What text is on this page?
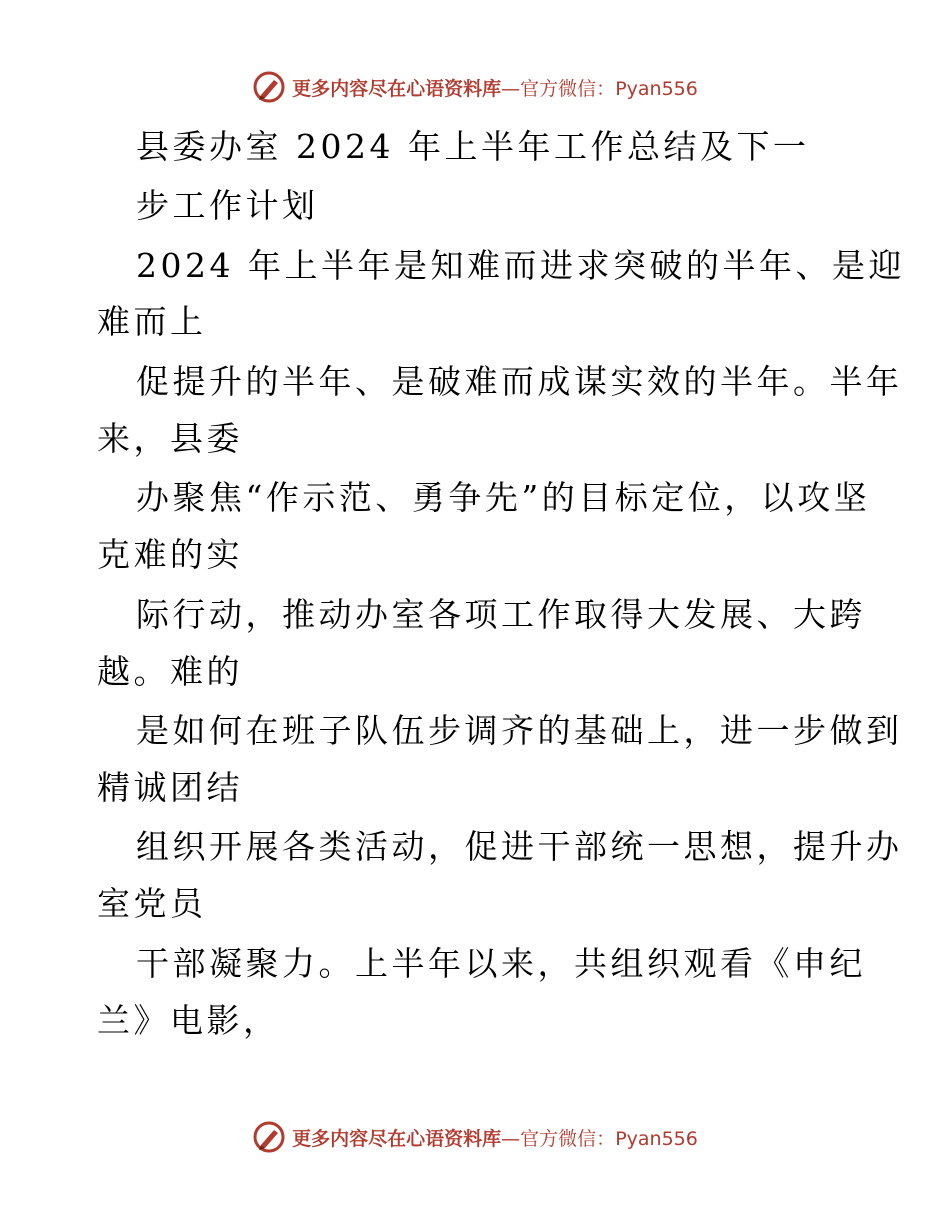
更多内容尽在心语资料库—官方微信：Pyan556
县委办室 2024 年上半年工作总结及下一
步工作计划
2024 年上半年是知难而进求突破的半年、是迎
难而上
促提升的半年、是破难而成谋实效的半年。半年
来，县委
办聚焦“作示范、勇争先”的目标定位，以攻坚
克难的实
际行动，推动办室各项工作取得大发展、大跨
越。难的
是如何在班子队伍步调齐的基础上，进一步做到
精诚团结
组织开展各类活动，促进干部统一思想，提升办
室党员
干部凝聚力。上半年以来，共组织观看《申纪
兰》电影，
更多内容尽在心语资料库—官方微信：Pyan556
